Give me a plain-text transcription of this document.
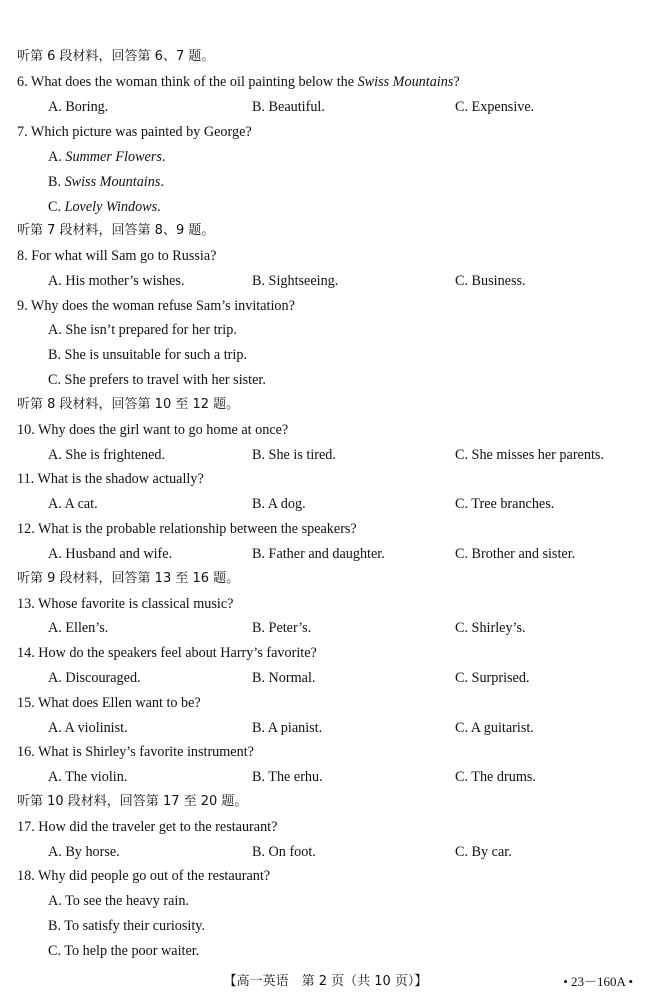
听第 6 段材料，回答第 6、7 题。
6. What does the woman think of the oil painting below the Swiss Mountains?
A. Boring.	B. Beautiful.	C. Expensive.
7. Which picture was painted by George?
A. Summer Flowers.
B. Swiss Mountains.
C. Lovely Windows.
听第 7 段材料，回答第 8、9 题。
8. For what will Sam go to Russia?
A. His mother’s wishes.	B. Sightseeing.	C. Business.
9. Why does the woman refuse Sam’s invitation?
A. She isn’t prepared for her trip.
B. She is unsuitable for such a trip.
C. She prefers to travel with her sister.
听第 8 段材料，回答第 10 至 12 题。
10. Why does the girl want to go home at once?
A. She is frightened.	B. She is tired.	C. She misses her parents.
11. What is the shadow actually?
A. A cat.	B. A dog.	C. Tree branches.
12. What is the probable relationship between the speakers?
A. Husband and wife.	B. Father and daughter.	C. Brother and sister.
听第 9 段材料，回答第 13 至 16 题。
13. Whose favorite is classical music?
A. Ellen’s.	B. Peter’s.	C. Shirley’s.
14. How do the speakers feel about Harry’s favorite?
A. Discouraged.	B. Normal.	C. Surprised.
15. What does Ellen want to be?
A. A violinist.	B. A pianist.	C. A guitarist.
16. What is Shirley’s favorite instrument?
A. The violin.	B. The erhu.	C. The drums.
听第 10 段材料，回答第 17 至 20 题。
17. How did the traveler get to the restaurant?
A. By horse.	B. On foot.	C. By car.
18. Why did people go out of the restaurant?
A. To see the heavy rain.
B. To satisfy their curiosity.
C. To help the poor waiter.
【高一英语　第 2 页（共 10 页）】	• 23－160A •
